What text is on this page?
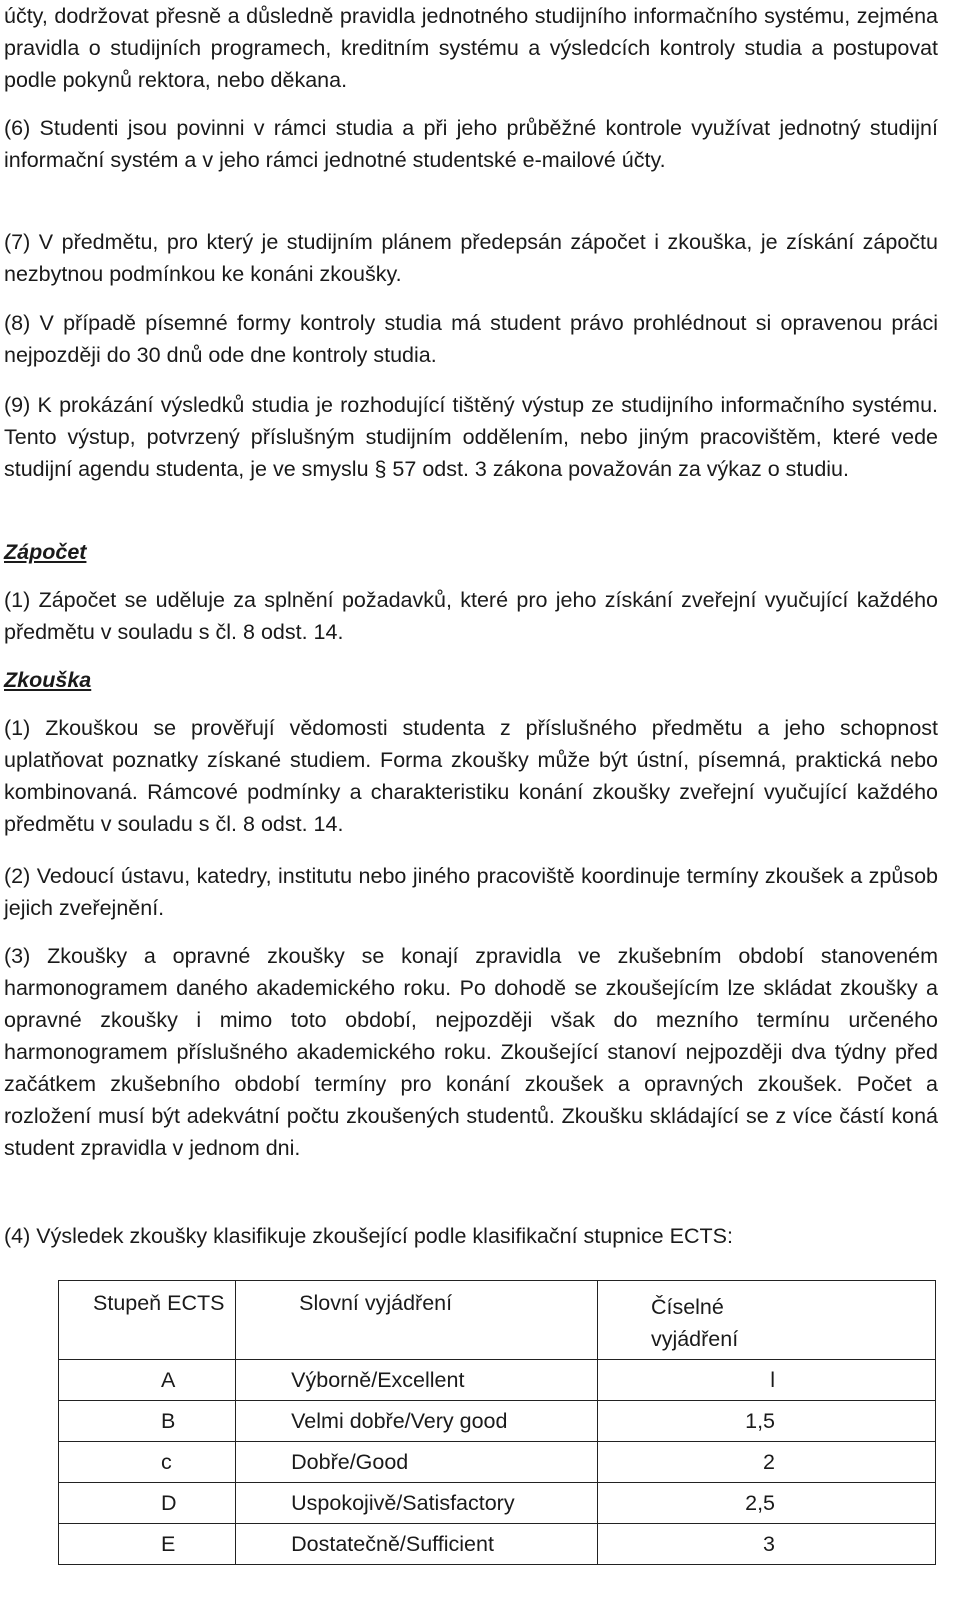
účty, dodržovat přesně a důsledně pravidla jednotného studijního informačního systému, zejména pravidla o studijních programech, kreditním systému a výsledcích kontroly studia a postupovat podle pokynů rektora, nebo děkana.

(6) Studenti jsou povinni v rámci studia a při jeho průběžné kontrole využívat jednotný studijní informační systém a v jeho rámci jednotné studentské e-mailové účty.

(7) V předmětu, pro který je studijním plánem předepsán zápočet i zkouška, je získání zápočtu nezbytnou podmínkou ke konáni zkoušky.

(8) V případě písemné formy kontroly studia má student právo prohlédnout si opravenou práci nejpozději do 30 dnů ode dne kontroly studia.

(9) K prokázání výsledků studia je rozhodující tištěný výstup ze studijního informačního systému. Tento výstup, potvrzený příslušným studijním oddělením, nebo jiným pracovištěm, které vede studijní agendu studenta, je ve smyslu § 57 odst. 3 zákona považován za výkaz o studiu.

Zápočet

(1) Zápočet se uděluje za splnění požadavků, které pro jeho získání zveřejní vyučující každého předmětu v souladu s čl. 8 odst. 14.

Zkouška

(1) Zkouškou se prověřují vědomosti studenta z příslušného předmětu a jeho schopnost uplatňovat poznatky získané studiem. Forma zkoušky může být ústní, písemná, praktická nebo kombinovaná. Rámcové podmínky a charakteristiku konání zkoušky zveřejní vyučující každého předmětu v souladu s čl. 8 odst. 14.

(2) Vedoucí ústavu, katedry, institutu nebo jiného pracoviště koordinuje termíny zkoušek a způsob jejich zveřejnění.

(3) Zkoušky a opravné zkoušky se konají zpravidla ve zkušebním období stanoveném harmonogramem daného akademického roku. Po dohodě se zkoušejícím lze skládat zkoušky a opravné zkoušky i mimo toto období, nejpozději však do mezního termínu určeného harmonogramem příslušného akademického roku. Zkoušející stanoví nejpozději dva týdny před začátkem zkušebního období termíny pro konání zkoušek a opravných zkoušek. Počet a rozložení musí být adekvátní počtu zkoušených studentů. Zkoušku skládající se z více částí koná student zpravidla v jednom dni.

(4) Výsledek zkoušky klasifikuje zkoušející podle klasifikační stupnice ECTS:

Stupeň ECTS	Slovní vyjádření	Číselné vyjádření

A	Výborně/Excellent	l

B	Velmi dobře/Very good	1,5

c	Dobře/Good	2

D	Uspokojivě/Satisfactory	2,5

E	Dostatečně/Sufficient	3
